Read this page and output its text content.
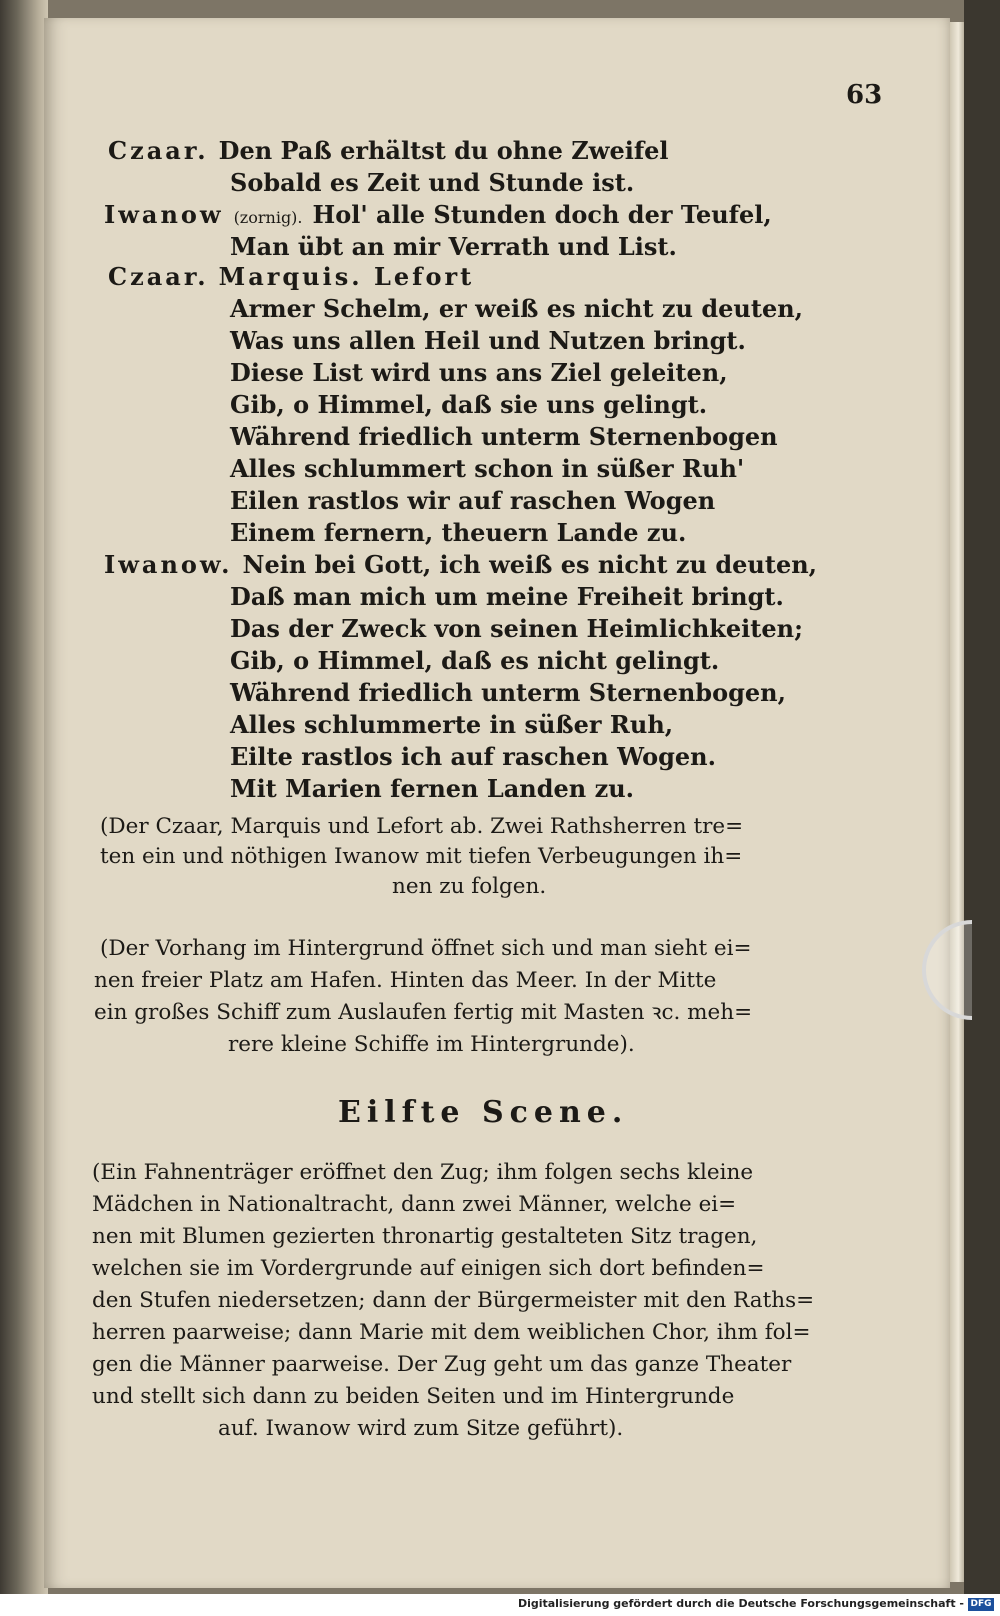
63
Czaar. Den Paß erhältst du ohne Zweifel
Sobald es Zeit und Stunde ist.
Iwanow (zornig). Hol' alle Stunden doch der Teufel,
Man übt an mir Verrath und List.
Czaar. Marquis. Lefort
Armer Schelm, er weiß es nicht zu deuten,
Was uns allen Heil und Nutzen bringt.
Diese List wird uns ans Ziel geleiten,
Gib, o Himmel, daß sie uns gelingt.
Während friedlich unterm Sternenbogen
Alles schlummert schon in süßer Ruh'
Eilen rastlos wir auf raschen Wogen
Einem fernern, theuern Lande zu.
Iwanow. Nein bei Gott, ich weiß es nicht zu deuten,
Daß man mich um meine Freiheit bringt.
Das der Zweck von seinen Heimlichkeiten;
Gib, o Himmel, daß es nicht gelingt.
Während friedlich unterm Sternenbogen,
Alles schlummerte in süßer Ruh,
Eilte rastlos ich auf raschen Wogen.
Mit Marien fernen Landen zu.
(Der Czaar, Marquis und Lefort ab. Zwei Rathsherren tre=
ten ein und nöthigen Iwanow mit tiefen Verbeugungen ih=
nen zu folgen.
(Der Vorhang im Hintergrund öffnet sich und man sieht ei=
nen freier Platz am Hafen. Hinten das Meer. In der Mitte
ein großes Schiff zum Auslaufen fertig mit Masten ꝛc. meh=
rere kleine Schiffe im Hintergrunde).
Eilfte Scene.
(Ein Fahnenträger eröffnet den Zug; ihm folgen sechs kleine
Mädchen in Nationaltracht, dann zwei Männer, welche ei=
nen mit Blumen gezierten thronartig gestalteten Sitz tragen,
welchen sie im Vordergrunde auf einigen sich dort befinden=
den Stufen niedersetzen; dann der Bürgermeister mit den Raths=
herren paarweise; dann Marie mit dem weiblichen Chor, ihm fol=
gen die Männer paarweise. Der Zug geht um das ganze Theater
und stellt sich dann zu beiden Seiten und im Hintergrunde
auf. Iwanow wird zum Sitze geführt).
Digitalisierung gefördert durch die Deutsche Forschungsgemeinschaft - DFG
